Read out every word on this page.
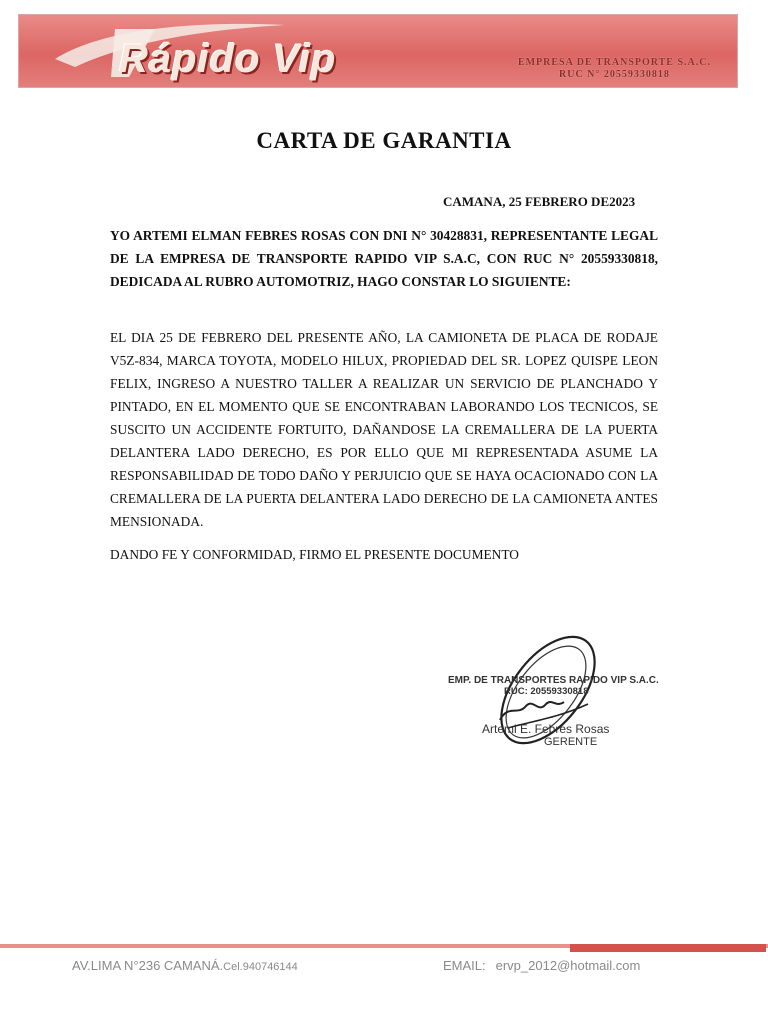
Rápido Vip	EMPRESA DE TRANSPORTE S.A.C.
RUC N° 20559330818
CARTA DE GARANTIA
CAMANA, 25 FEBRERO DE2023
YO ARTEMI ELMAN FEBRES ROSAS CON DNI N° 30428831, REPRESENTANTE LEGAL DE LA EMPRESA DE TRANSPORTE RAPIDO VIP S.A.C, CON RUC N° 20559330818, DEDICADA AL RUBRO AUTOMOTRIZ, HAGO CONSTAR LO SIGUIENTE:
EL DIA 25 DE FEBRERO DEL PRESENTE AÑO, LA CAMIONETA DE PLACA DE RODAJE V5Z-834, MARCA TOYOTA, MODELO HILUX, PROPIEDAD DEL SR. LOPEZ QUISPE LEON FELIX, INGRESO A NUESTRO TALLER A REALIZAR UN SERVICIO DE PLANCHADO Y PINTADO, EN EL MOMENTO QUE SE ENCONTRABAN LABORANDO LOS TECNICOS, SE SUSCITO UN ACCIDENTE FORTUITO, DAÑANDOSE LA CREMALLERA DE LA PUERTA DELANTERA LADO DERECHO, ES POR ELLO QUE MI REPRESENTADA ASUME LA RESPONSABILIDAD DE TODO DAÑO Y PERJUICIO QUE SE HAYA OCACIONADO CON LA CREMALLERA DE LA PUERTA DELANTERA LADO DERECHO DE LA CAMIONETA ANTES MENSIONADA.
DANDO FE Y CONFORMIDAD, FIRMO EL PRESENTE DOCUMENTO
EMP. DE TRANSPORTES RAPIDO VIP S.A.C.
RUC: 20559330818
Artemi E. Febres Rosas
GERENTE
AV.LIMA N°236 CAMANÁ.Cel.940746144	EMAIL: ervp_2012@hotmail.com
